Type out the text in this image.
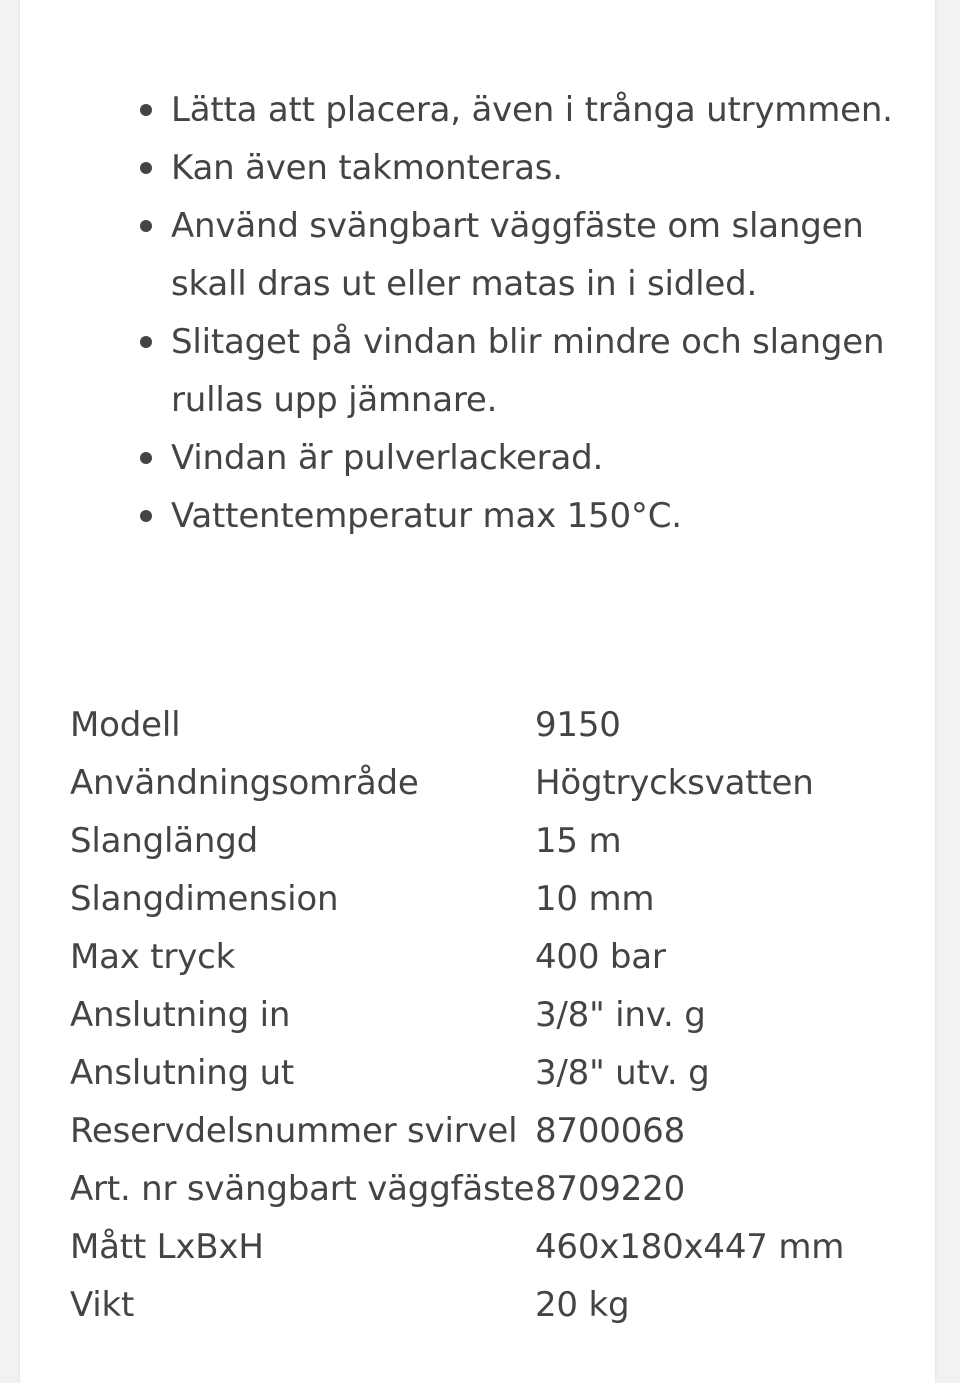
Lätta att placera, även i trånga utrymmen.
Kan även takmonteras.
Använd svängbart väggfäste om slangen skall dras ut eller matas in i sidled.
Slitaget på vindan blir mindre och slangen rullas upp jämnare.
Vindan är pulverlackerad.
Vattentemperatur max 150°C.
Modell	9150
Användningsområde	Högtrycksvatten
Slanglängd	15 m
Slangdimension	10 mm
Max tryck	400 bar
Anslutning in	3/8" inv. g
Anslutning ut	3/8" utv. g
Reservdelsnummer svirvel	8700068
Art. nr svängbart väggfäste	8709220
Mått LxBxH	460x180x447 mm
Vikt	20 kg
